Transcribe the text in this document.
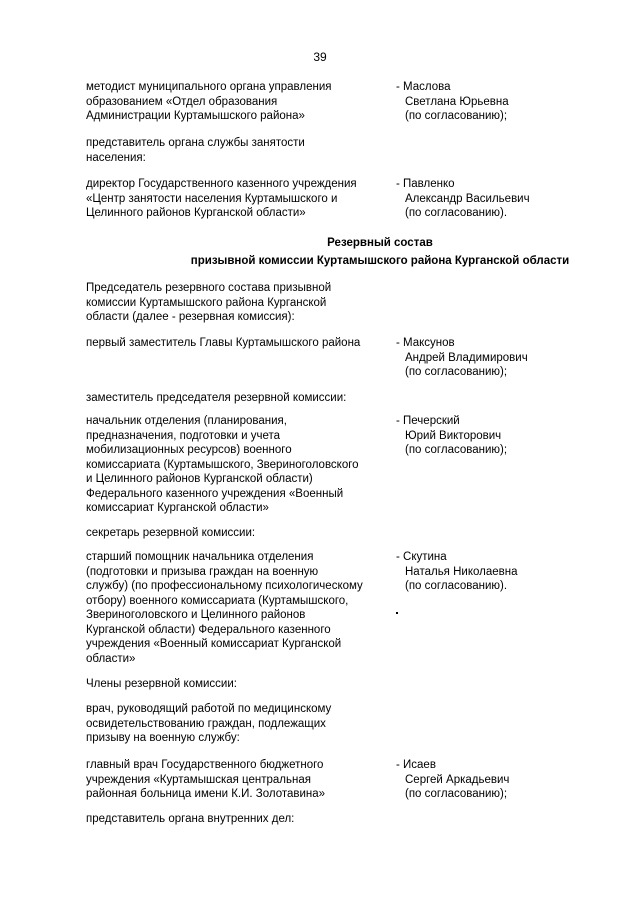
39
методист муниципального органа управления
образованием «Отдел образования
Администрации Куртамышского района»
- Маслова
Светлана Юрьевна
(по согласованию);
представитель органа службы занятости
населения:
директор Государственного казенного учреждения
«Центр занятости населения Куртамышского и
Целинного районов Курганской области»
- Павленко
Александр Васильевич
(по согласованию).
Резервный состав
призывной комиссии Куртамышского района Курганской области
Председатель резервного состава призывной
комиссии Куртамышского района Курганской
области (далее - резервная комиссия):
первый заместитель Главы Куртамышского района	- Максунов
Андрей Владимирович
(по согласованию);
заместитель председателя резервной комиссии:
начальник отделения (планирования,
предназначения, подготовки и учета
мобилизационных ресурсов) военного
комиссариата (Куртамышского, Звериноголовского
и Целинного районов Курганской области)
Федерального казенного учреждения «Военный
комиссариат Курганской области»
- Печерский
Юрий Викторович
(по согласованию);
секретарь резервной комиссии:
старший помощник начальника отделения
(подготовки и призыва граждан на военную
службу) (по профессиональному психологическому
отбору) военного комиссариата (Куртамышского,
Звериноголовского и Целинного районов
Курганской области) Федерального казенного
учреждения «Военный комиссариат Курганской
области»
- Скутина
Наталья Николаевна
(по согласованию).
Члены резервной комиссии:
врач, руководящий работой по медицинскому
освидетельствованию граждан, подлежащих
призыву на военную службу:
главный врач Государственного бюджетного
учреждения «Куртамышская центральная
районная больница имени К.И. Золотавина»
- Исаев
Сергей Аркадьевич
(по согласованию);
представитель органа внутренних дел:
